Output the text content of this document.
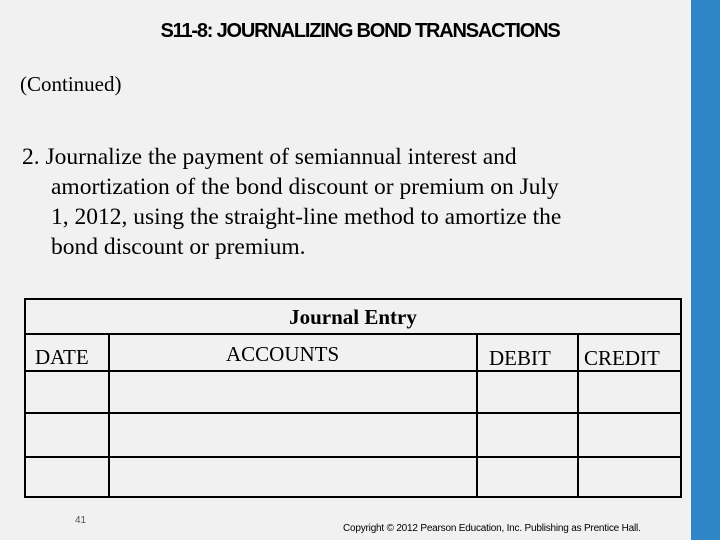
S11-8: JOURNALIZING BOND TRANSACTIONS
(Continued)
2. Journalize the payment of semiannual interest and
amortization of the bond discount or premium on July
1, 2012, using the straight-line method to amortize the
bond discount or premium.
Journal Entry
DATE	ACCOUNTS	DEBIT CREDIT
41
Copyright © 2012 Pearson Education, Inc. Publishing as Prentice Hall.
